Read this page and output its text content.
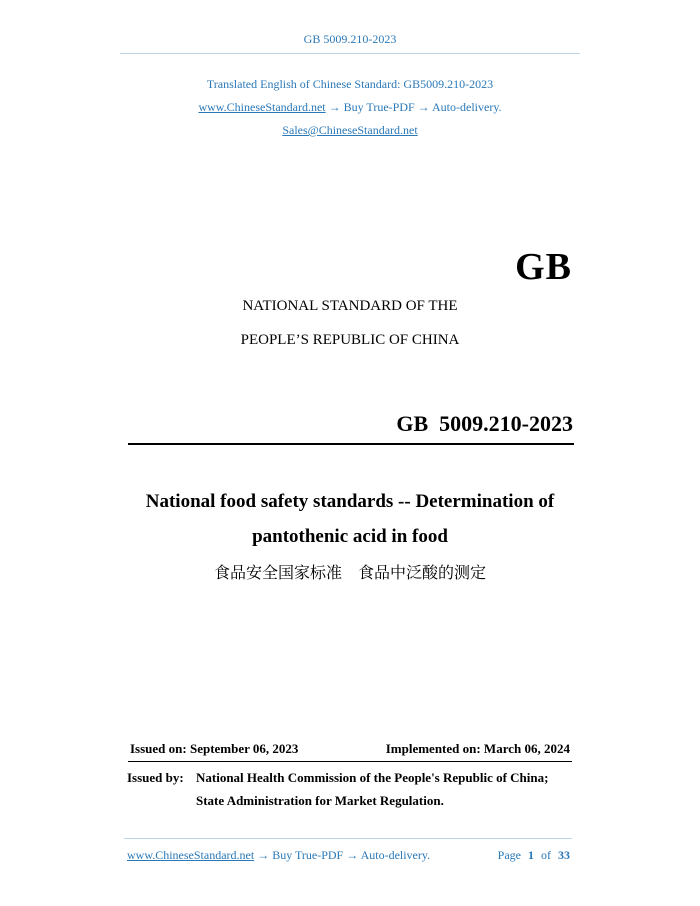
GB 5009.210-2023
Translated English of Chinese Standard: GB5009.210-2023
www.ChineseStandard.net → Buy True-PDF → Auto-delivery.
Sales@ChineseStandard.net
GB
NATIONAL STANDARD OF THE
PEOPLE’S REPUBLIC OF CHINA
GB  5009.210-2023
National food safety standards -- Determination of
pantothenic acid in food
食品安全国家标准　食品中泛酸的测定
Issued on: September 06, 2023	Implemented on: March 06, 2024
Issued by: National Health Commission of the People's Republic of China;
State Administration for Market Regulation.
www.ChineseStandard.net → Buy True-PDF → Auto-delivery.	Page 1 of 33
